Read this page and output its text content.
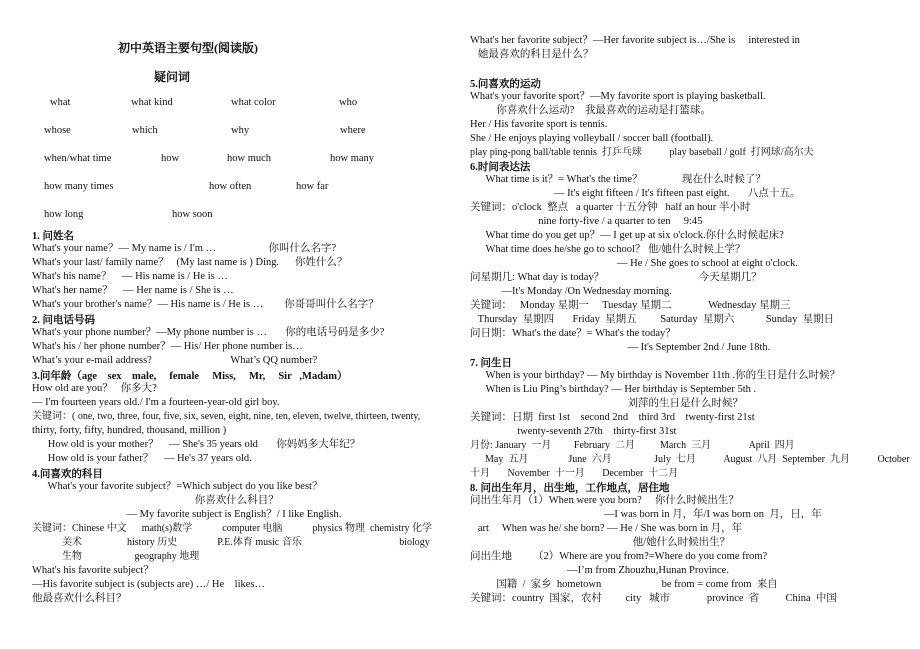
初中英语主要句型(阅读版)
疑问词
what	what kind	what color	who
whose	which	why	where
when/what time	how	how much	how many
how many times	how often	how far
how long	how soon
1. 问姓名
What's your name？— My name is / I'm …                    你叫什么名字?
What's your last/ family name？   (My last name is ) Ding.      你姓什么？
What's his name？    — His name is / He is …
What's her name？    — Her name is / She is …
What's your brother's name？— His name is / He is …        你哥哥叫什么名字？
2. 问电话号码
What's your phone number？—My phone number is …       你的电话号码是多少?
What's his / her phone number？— His/ Her phone number is…
What’s your e-mail address?                              What’s QQ number?
3.问年龄（age    sex    male,     female     Miss,     Mr,     Sir   ,Madam）
How old are you？   你多大?
— I'm fourteen years old./ I'm a fourteen-year-old girl boy.
关键词：( one, two, three, four, five, six, seven, eight, nine, ten, eleven, twelve, thirteen, twenty,
thirty, forty, fifty, hundred, thousand, million )
How old is your mother？    — She's 35 years old       你妈妈多大年纪？
How old is your father？    — He's 37 years old.
4.问喜欢的科目
What's your favorite subject？=Which subject do you like best？
你喜欢什么科目？
— My favorite subject is English？/ I like English.
关键词：Chinese 中文      math(s)数学            computer 电脑            physics 物理  chemistry 化学
美术                  history 历史                P.E.体育 music 音乐                                       biology
生物                     geography 地理
What's his favorite subject？
—His favorite subject is (subjects are) …/ He    likes…
他最喜欢什么科目？
What's her favorite subject？—Her favorite subject is…/She is     interested in
她最喜欢的科目是什么？
5.问喜欢的运动
What's your favorite sport？—My favorite sport is playing basketball.
你喜欢什么运动?    我最喜欢的运动是打篮球。
Her / His favorite sport is tennis.
She / He enjoys playing volleyball / soccer ball (football).
play ping-pong ball/table tennis  打乒乓球           play baseball / golf  打网球/高尔夫
6.时间表达法
What time is it？= What's the time？               现在什么时候了？
— It's eight fifteen / It's fifteen past eight.       八点十五。
关键词：o'clock  整点   a quarter 十五分钟   half an hour 半小时
nine forty-five / a quarter to ten     9:45
What time do you get up？— I get up at six o'clock.你什么时候起床?
What time does he/she go to school？ 他/她什么时候上学？
— He / She goes to school at eight o'clock.
问星期几: What day is today？                                    今天星期几？
—It's Monday /On Wednesday morning.
关键词：   Monday 星期一     Tuesday 星期二              Wednesday 星期三
Thursday  星期四       Friday  星期五         Saturday  星期六            Sunday  星期日
问日期：What's the date？= What's the today？
— It's September 2nd / June 18th.
7. 问生日
When is your birthday? — My birthday is November 11th .你的生日是什么时候？
When is Liu Ping’s birthday? — Her birthday is September 5th .
刘萍的生日是什么时候？
关键词：日期  first 1st    second 2nd    third 3rd    twenty-first 21st
twenty-seventh 27th    thirty-first 31st
月份: January  一月         February  二月          March  三月               April  四月
May  五月                June  六月                 July  七月           August  八月  September  九月           October
十月       November  十一月       December  十二月
8. 问出生年月，出生地，工作地点，居住地
问出生年月（1）When were you born?     你什么时候出生？
—I was born in 月，年/I was born on  月，日，年
art     When was he/ she born? — He / She was born in 月，年
他/她什么时候出生？
问出生地        （2）Where are you from?=Where do you come from?
—I’m from Zhouzhu,Hunan Province.
国籍  /  家乡  hometown                       be from = come from  来自
关键词：country  国家，农村         city   城市              province  省          China  中国
